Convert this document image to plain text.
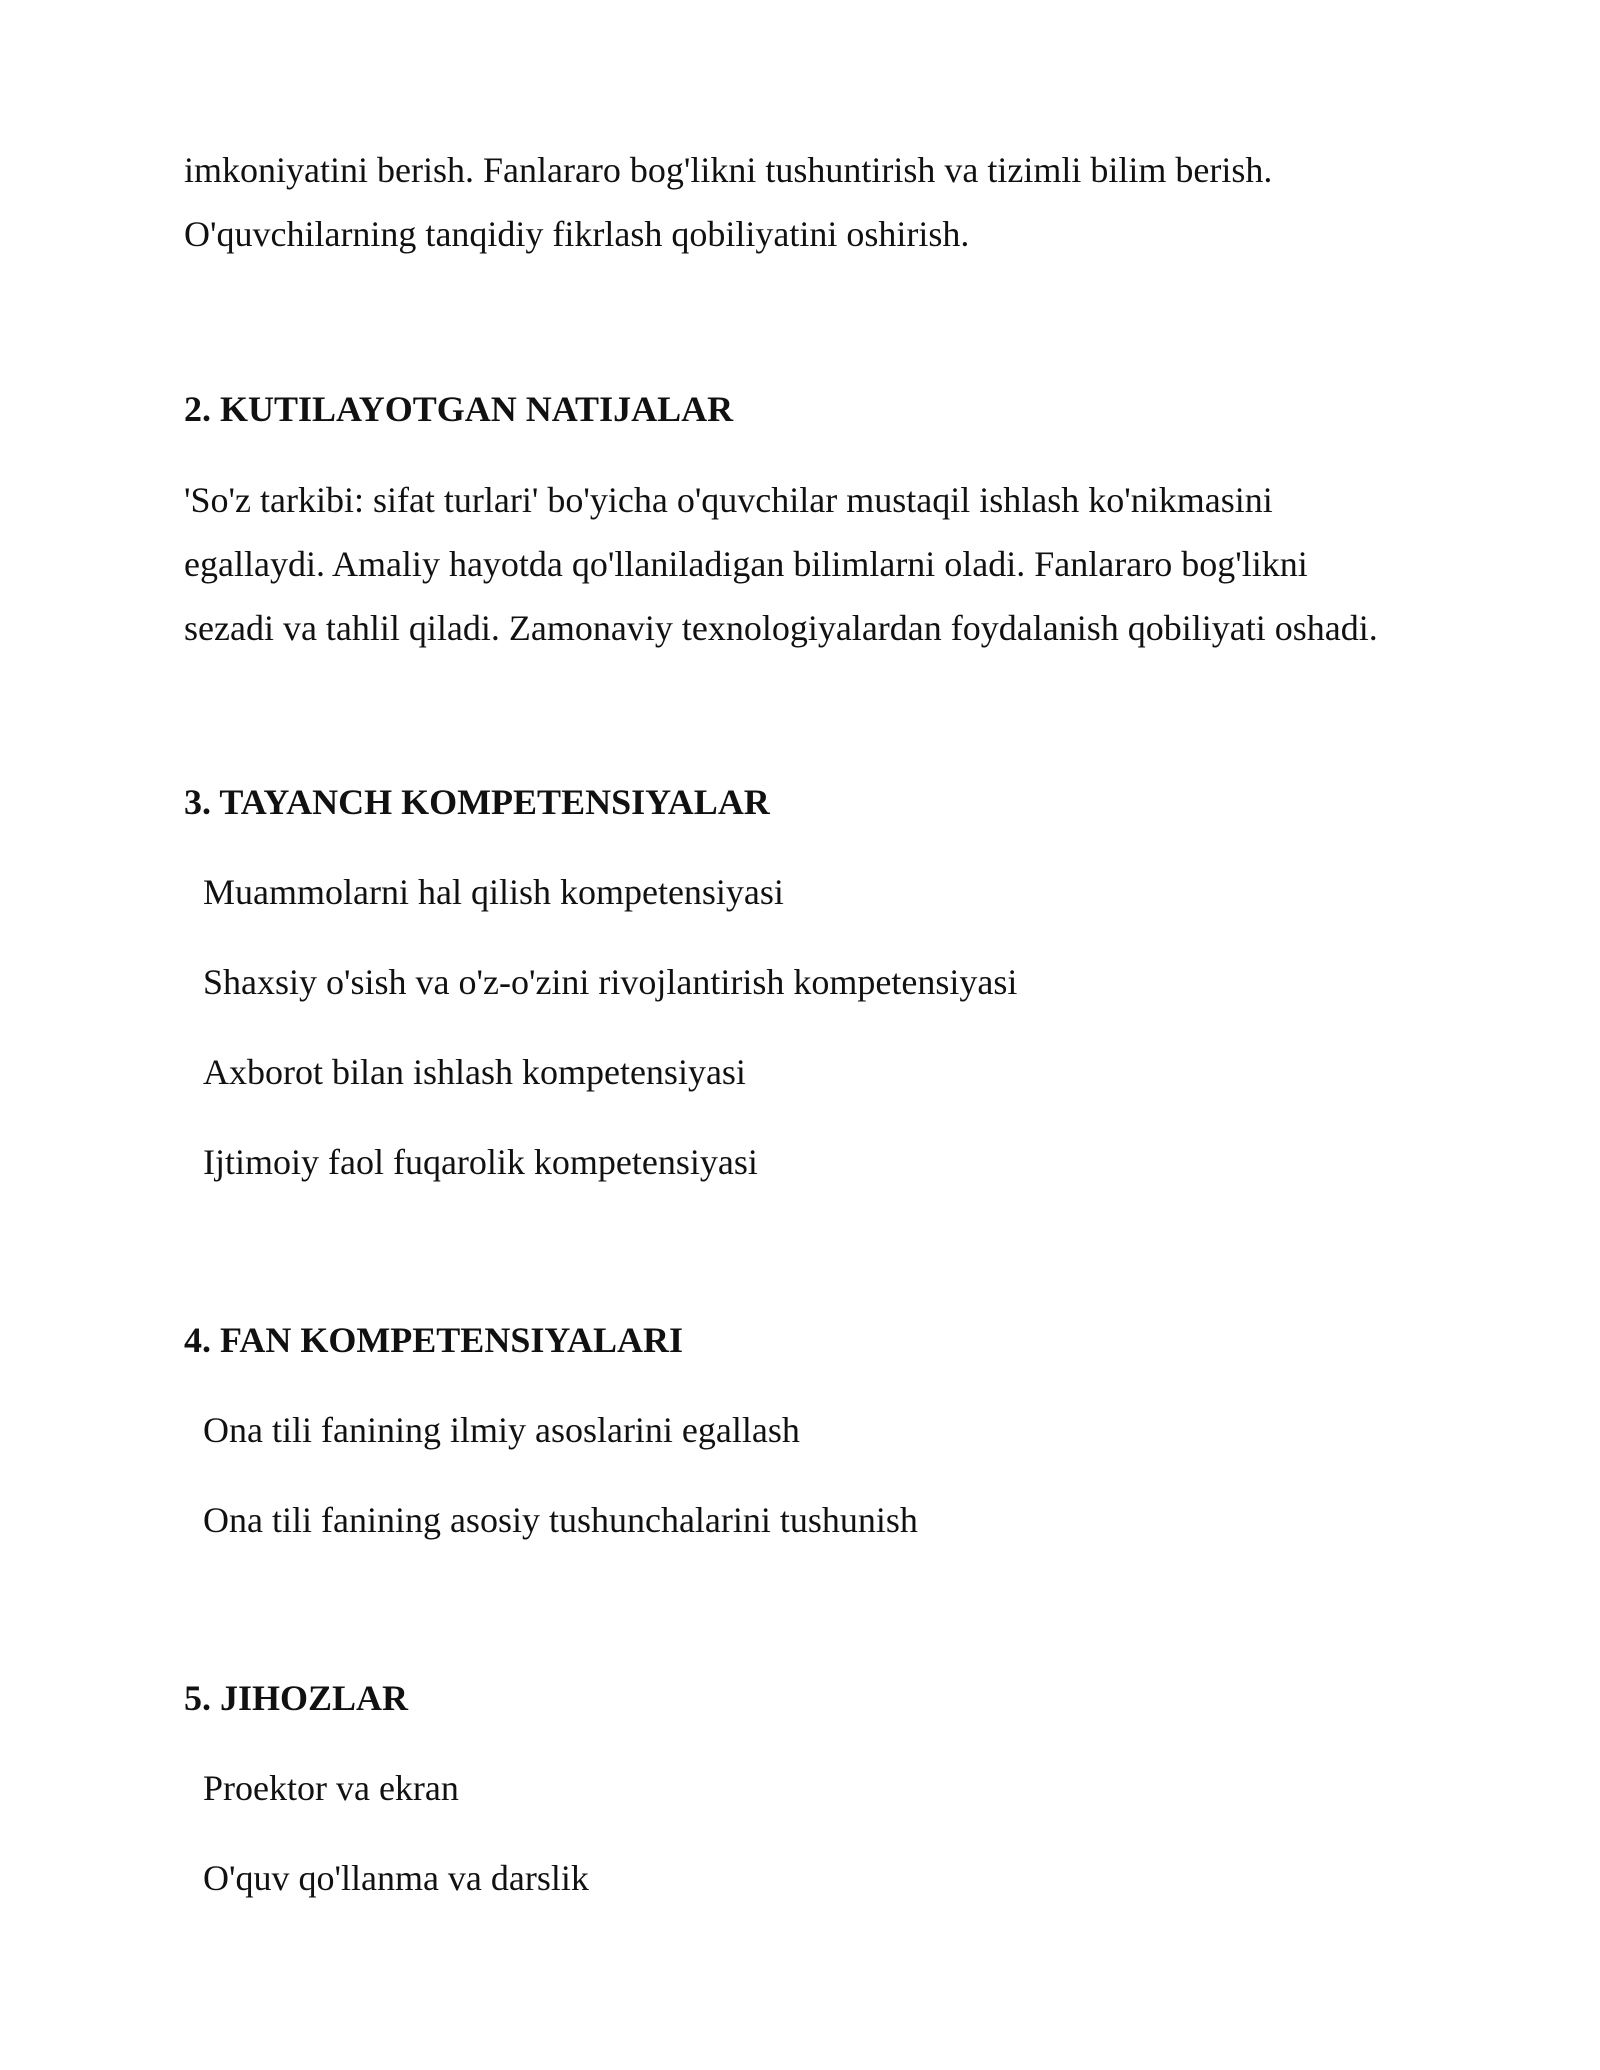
imkoniyatini berish. Fanlararo bog'likni tushuntirish va tizimli bilim berish.
O'quvchilarning tanqidiy fikrlash qobiliyatini oshirish.

2. KUTILAYOTGAN NATIJALAR

'So'z tarkibi: sifat turlari' bo'yicha o'quvchilar mustaqil ishlash ko'nikmasini
egallaydi. Amaliy hayotda qo'llaniladigan bilimlarni oladi. Fanlararo bog'likni
sezadi va tahlil qiladi. Zamonaviy texnologiyalardan foydalanish qobiliyati oshadi.

3. TAYANCH KOMPETENSIYALAR

Muammolarni hal qilish kompetensiyasi

Shaxsiy o'sish va o'z-o'zini rivojlantirish kompetensiyasi

Axborot bilan ishlash kompetensiyasi

Ijtimoiy faol fuqarolik kompetensiyasi

4. FAN KOMPETENSIYALARI

Ona tili fanining ilmiy asoslarini egallash

Ona tili fanining asosiy tushunchalarini tushunish

5. JIHOZLAR

Proektor va ekran

O'quv qo'llanma va darslik
